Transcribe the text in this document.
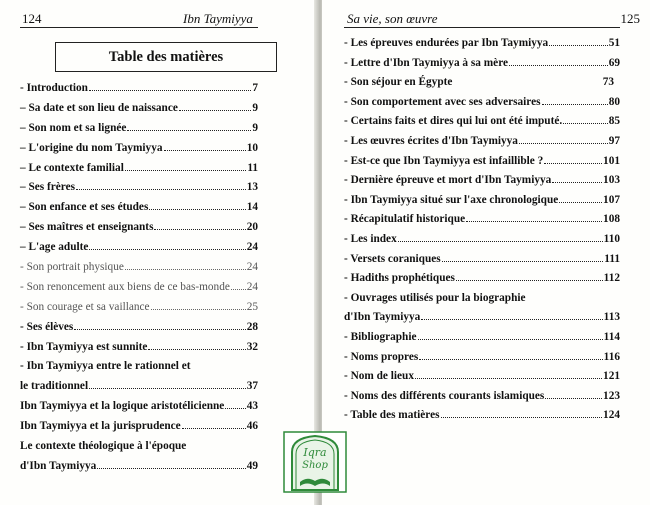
124	Ibn Taymiyya
Table des matières
- Introduction	7
– Sa date et son lieu de naissance	9
– Son nom et sa lignée	9
– L'origine du nom Taymiyya	10
– Le contexte familial	11
– Ses frères	13
– Son enfance et ses études	14
– Ses maîtres et enseignants	20
– L'age adulte	24
- Son portrait physique	24
- Son renoncement aux biens de ce bas-monde 24
- Son courage et sa vaillance	25
- Ses élèves	28
- Ibn Taymiyya est sunnite	32
- Ibn Taymiyya entre le rationnel et
le traditionnel	37
Ibn Taymiyya et la logique aristotélicienne 43
Ibn Taymiyya et la jurisprudence	46
Le contexte théologique à l'époque
d'Ibn Taymiyya	49
Sa vie, son œuvre	125
- Les épreuves endurées par Ibn Taymiyya	51
- Lettre d'Ibn Taymiyya à sa mère	69
- Son séjour en Égypte	73
- Son comportement avec ses adversaires	80
- Certains faits et dires qui lui ont été imputé.	85
- Les œuvres écrites d'Ibn Taymiyya	97
- Est-ce que Ibn Taymiyya est infaillible ?	101
- Dernière épreuve et mort d'Ibn Taymiyya	103
- Ibn Taymiyya situé sur l'axe chronologique	107
- Récapitulatif historique	108
- Les index	110
- Versets coraniques	111
- Hadiths prophétiques	112
- Ouvrages utilisés pour la biographie
d'Ibn Taymiyya	113
- Bibliographie	114
- Noms propres	116
- Nom de lieux	121
- Noms des différents courants islamiques	123
- Table des matières	124
Iqra
Shop
